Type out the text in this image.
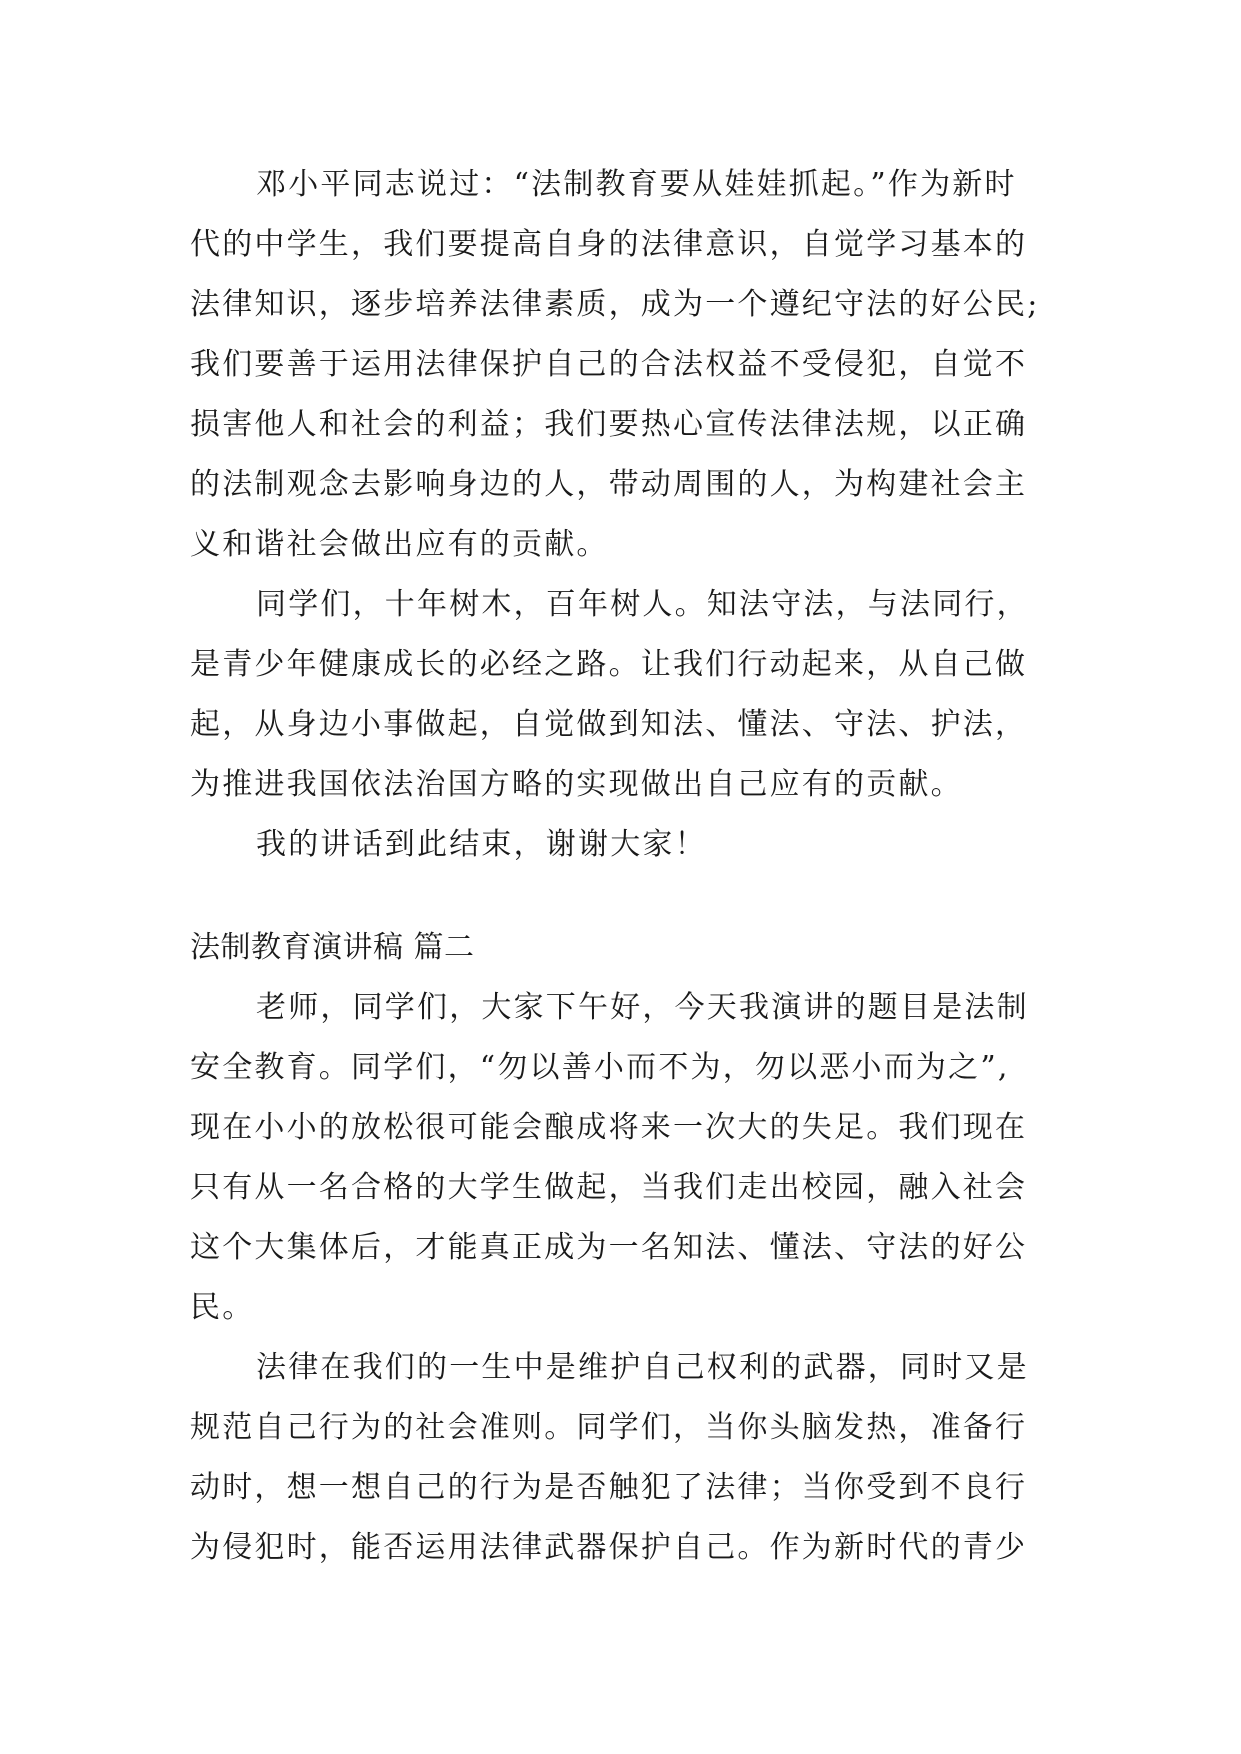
邓小平同志说过：“法制教育要从娃娃抓起。”作为新时
代的中学生，我们要提高自身的法律意识，自觉学习基本的
法律知识，逐步培养法律素质，成为一个遵纪守法的好公民;
我们要善于运用法律保护自己的合法权益不受侵犯，自觉不
损害他人和社会的利益；我们要热心宣传法律法规，以正确
的法制观念去影响身边的人，带动周围的人，为构建社会主
义和谐社会做出应有的贡献。
同学们，十年树木，百年树人。知法守法，与法同行，
是青少年健康成长的必经之路。让我们行动起来，从自己做
起，从身边小事做起，自觉做到知法、懂法、守法、护法，
为推进我国依法治国方略的实现做出自己应有的贡献。
我的讲话到此结束，谢谢大家！
法制教育演讲稿 篇二
老师，同学们，大家下午好，今天我演讲的题目是法制
安全教育。同学们，“勿以善小而不为，勿以恶小而为之”,
现在小小的放松很可能会酿成将来一次大的失足。我们现在
只有从一名合格的大学生做起，当我们走出校园，融入社会
这个大集体后，才能真正成为一名知法、懂法、守法的好公
民。
法律在我们的一生中是维护自己权利的武器，同时又是
规范自己行为的社会准则。同学们，当你头脑发热，准备行
动时，想一想自己的行为是否触犯了法律；当你受到不良行
为侵犯时，能否运用法律武器保护自己。作为新时代的青少
